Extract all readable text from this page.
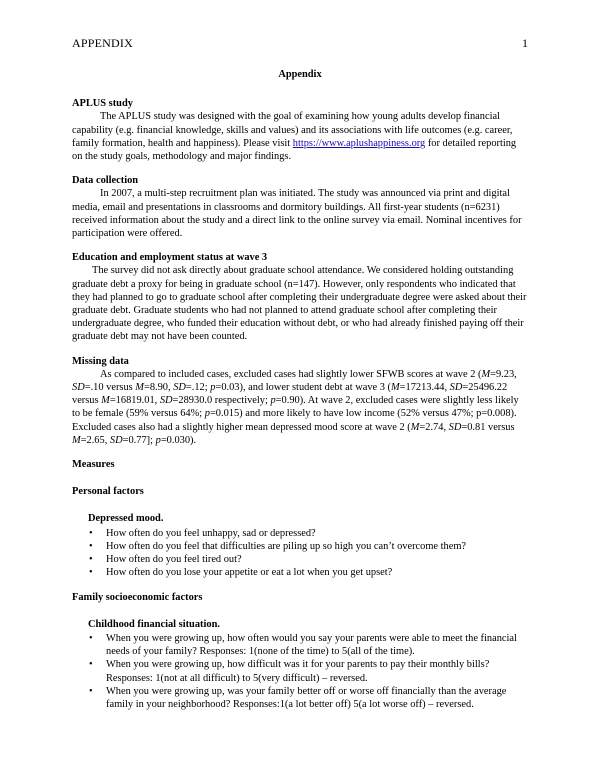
APPENDIX	1
Appendix
APLUS study

The APLUS study was designed with the goal of examining how young adults develop financial capability (e.g. financial knowledge, skills and values) and its associations with life outcomes (e.g. career, family formation, health and happiness). Please visit https://www.aplushappiness.org for detailed reporting on the study goals, methodology and major findings.

Data collection

In 2007, a multi-step recruitment plan was initiated. The study was announced via print and digital media, email and presentations in classrooms and dormitory buildings. All first-year students (n=6231) received information about the study and a direct link to the online survey via email. Nominal incentives for participation were offered.

Education and employment status at wave 3

The survey did not ask directly about graduate school attendance. We considered holding outstanding graduate debt a proxy for being in graduate school (n=147). However, only respondents who indicated that they had planned to go to graduate school after completing their undergraduate degree were asked about their graduate debt. Graduate students who had not planned to attend graduate school after completing their undergraduate degree, who funded their education without debt, or who had already finished paying off their graduate debt may not have been counted.

Missing data

As compared to included cases, excluded cases had slightly lower SFWB scores at wave 2 (M=9.23, SD=.10 versus M=8.90, SD=.12; p=0.03), and lower student debt at wave 3 (M=17213.44, SD=25496.22 versus M=16819.01, SD=28930.0 respectively; p=0.90). At wave 2, excluded cases were slightly less likely to be female (59% versus 64%; p=0.015) and more likely to have low income (52% versus 47%; p=0.008). Excluded cases also had a slightly higher mean depressed mood score at wave 2 (M=2.74, SD=0.81 versus M=2.65, SD=0.77]; p=0.030).

Measures
Personal factors
Depressed mood.
• How often do you feel unhappy, sad or depressed?
• How often do you feel that difficulties are piling up so high you can’t overcome them?
• How often do you feel tired out?
• How often do you lose your appetite or eat a lot when you get upset?
Family socioeconomic factors
Childhood financial situation.
• When you were growing up, how often would you say your parents were able to meet the financial needs of your family? Responses: 1(none of the time) to 5(all of the time).
• When you were growing up, how difficult was it for your parents to pay their monthly bills? Responses: 1(not at all difficult) to 5(very difficult) – reversed.
• When you were growing up, was your family better off or worse off financially than the average family in your neighborhood? Responses:1(a lot better off) 5(a lot worse off) – reversed.
